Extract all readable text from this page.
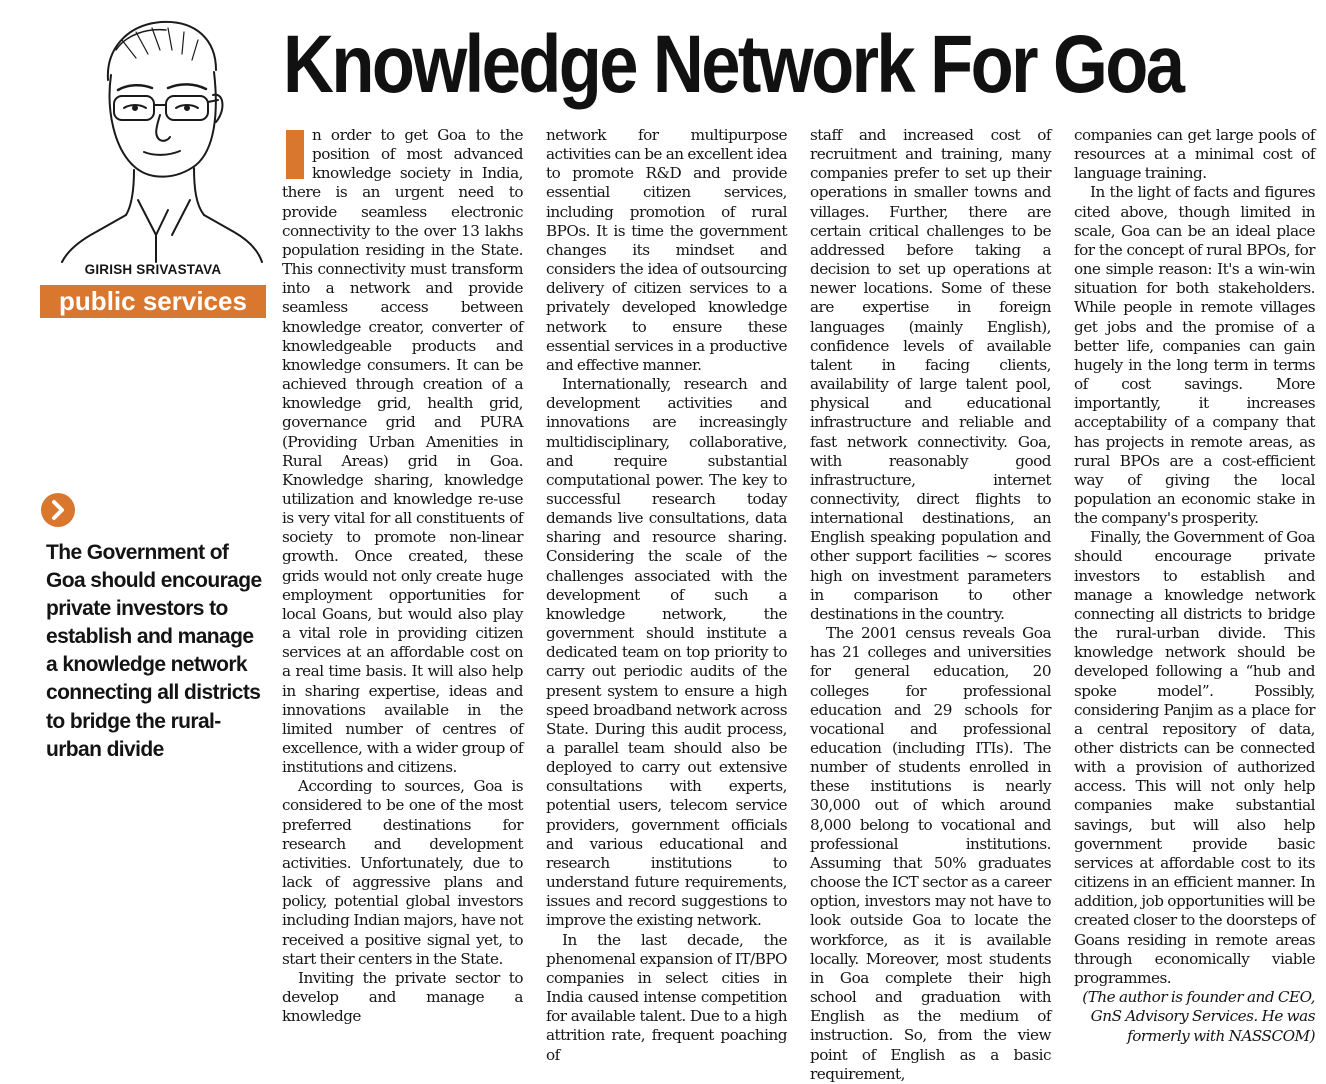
GIRISH SRIVASTAVA
public services
Knowledge Network For Goa
The Government of Goa should encourage private investors to establish and manage a knowledge network connecting all districts to bridge the rural-urban divide

n order to get Goa to the position of most advanced knowledge society in India, there is an urgent need to provide seamless electronic connectivity to the over 13 lakhs population residing in the State. This connectivity must transform into a network and provide seamless access between knowledge creator, converter of knowledgeable products and knowledge consumers. It can be achieved through creation of a knowledge grid, health grid, governance grid and PURA (Providing Urban Amenities in Rural Areas) grid in Goa. Knowledge sharing, knowledge utilization and knowledge re-use is very vital for all constituents of society to promote non-linear growth. Once created, these grids would not only create huge employment opportunities for local Goans, but would also play a vital role in providing citizen services at an affordable cost on a real time basis. It will also help in sharing expertise, ideas and innovations available in the limited number of centres of excellence, with a wider group of institutions and citizens.

According to sources, Goa is considered to be one of the most preferred destinations for research and development activities. Unfortunately, due to lack of aggressive plans and policy, potential global investors including Indian majors, have not received a positive signal yet, to start their centers in the State.

Inviting the private sector to develop and manage a knowledge

network for multipurpose activities can be an excellent idea to promote R&D and provide essential citizen services, including promotion of rural BPOs. It is time the government changes its mindset and considers the idea of outsourcing delivery of citizen services to a privately developed knowledge network to ensure these essential services in a productive and effective manner.

Internationally, research and development activities and innovations are increasingly multidisciplinary, collaborative, and require substantial computational power. The key to successful research today demands live consultations, data sharing and resource sharing. Considering the scale of the challenges associated with the development of such a knowledge network, the government should institute a dedicated team on top priority to carry out periodic audits of the present system to ensure a high speed broadband network across State. During this audit process, a parallel team should also be deployed to carry out extensive consultations with experts, potential users, telecom service providers, government officials and various educational and research institutions to understand future requirements, issues and record suggestions to improve the existing network.

In the last decade, the phenomenal expansion of IT/BPO companies in select cities in India caused intense competition for available talent. Due to a high attrition rate, frequent poaching of

staff and increased cost of recruitment and training, many companies prefer to set up their operations in smaller towns and villages. Further, there are certain critical challenges to be addressed before taking a decision to set up operations at newer locations. Some of these are expertise in foreign languages (mainly English), confidence levels of available talent in facing clients, availability of large talent pool, physical and educational infrastructure and reliable and fast network connectivity. Goa, with reasonably good infrastructure, internet connectivity, direct flights to international destinations, an English speaking population and other support facilities ~ scores high on investment parameters in comparison to other destinations in the country.

The 2001 census reveals Goa has 21 colleges and universities for general education, 20 colleges for professional education and 29 schools for vocational and professional education (including ITIs). The number of students enrolled in these institutions is nearly 30,000 out of which around 8,000 belong to vocational and professional institutions. Assuming that 50% graduates choose the ICT sector as a career option, investors may not have to look outside Goa to locate the workforce, as it is available locally. Moreover, most students in Goa complete their high school and graduation with English as the medium of instruction. So, from the view point of English as a basic requirement,

companies can get large pools of resources at a minimal cost of language training.

In the light of facts and figures cited above, though limited in scale, Goa can be an ideal place for the concept of rural BPOs, for one simple reason: It's a win-win situation for both stakeholders. While people in remote villages get jobs and the promise of a better life, companies can gain hugely in the long term in terms of cost savings. More importantly, it increases acceptability of a company that has projects in remote areas, as rural BPOs are a cost-efficient way of giving the local population an economic stake in the company's prosperity.

Finally, the Government of Goa should encourage private investors to establish and manage a knowledge network connecting all districts to bridge the rural-urban divide. This knowledge network should be developed following a “hub and spoke model”. Possibly, considering Panjim as a place for a central repository of data, other districts can be connected with a provision of authorized access. This will not only help companies make substantial savings, but will also help government provide basic services at affordable cost to its citizens in an efficient manner. In addition, job opportunities will be created closer to the doorsteps of Goans residing in remote areas through economically viable programmes.

(The author is founder and CEO, GnS Advisory Services. He was formerly with NASSCOM)
